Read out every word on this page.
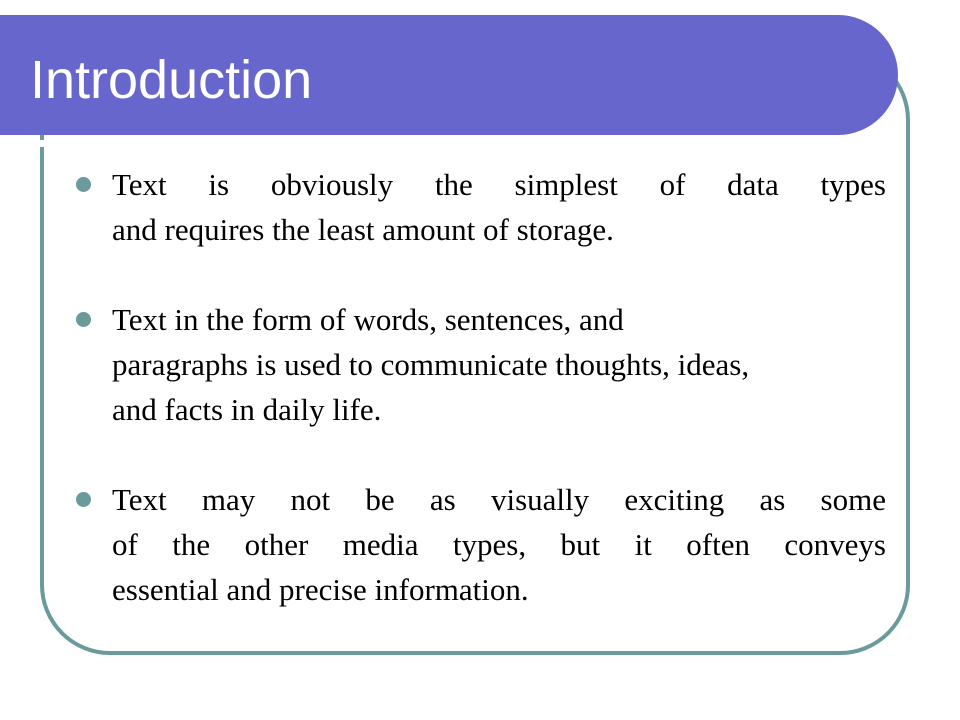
Introduction
Text is obviously the simplest of data types
and requires the least amount of storage.
Text in the form of words, sentences, and
paragraphs is used to communicate thoughts, ideas,
and facts in daily life.
Text may not be as visually exciting as some
of the other media types, but it often conveys
essential and precise information.
